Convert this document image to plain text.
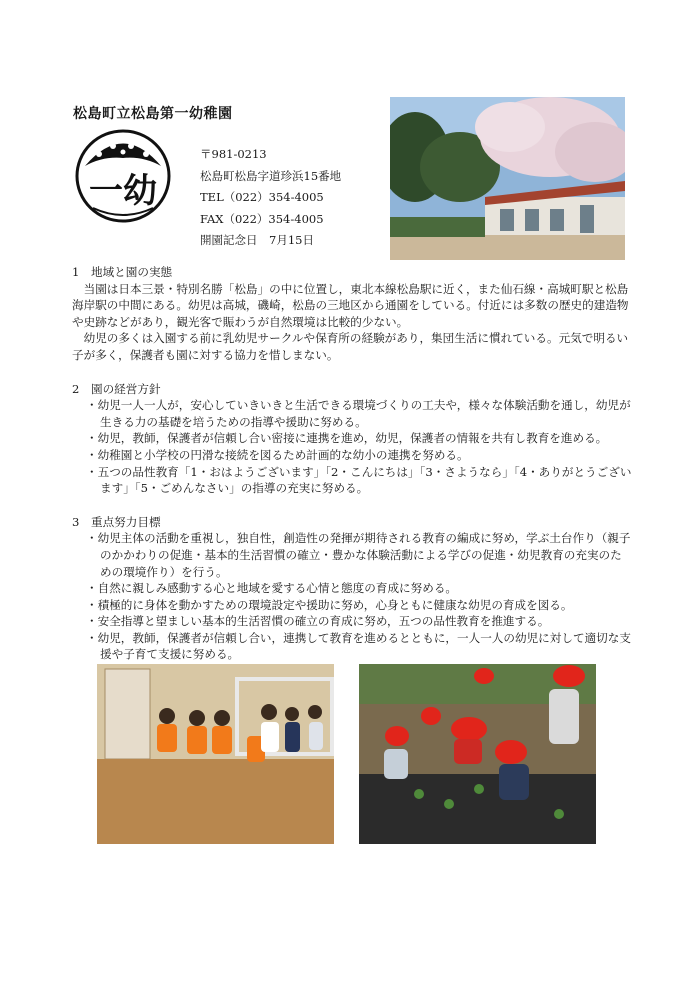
松島町立松島第一幼稚園
一幼
〒981-0213
松島町松島字道珍浜15番地
TEL（022）354-4005
FAX（022）354-4005
開園記念日　7月15日

1　地域と園の実態

当園は日本三景・特別名勝「松島」の中に位置し，東北本線松島駅に近く，また仙石線・高城町駅と松島海岸駅の中間にある。幼児は高城，磯崎，松島の三地区から通園をしている。付近には多数の歴史的建造物や史跡などがあり，観光客で賑わうが自然環境は比較的少ない。

幼児の多くは入園する前に乳幼児サークルや保育所の経験があり，集団生活に慣れている。元気で明るい子が多く，保護者も園に対する協力を惜しまない。

2　園の経営方針

・幼児一人一人が，安心していきいきと生活できる環境づくりの工夫や，様々な体験活動を通し，幼児が生きる力の基礎を培うための指導や援助に努める。
・幼児，教師，保護者が信頼し合い密接に連携を進め，幼児，保護者の情報を共有し教育を進める。
・幼稚園と小学校の円滑な接続を図るため計画的な幼小の連携を努める。
・五つの品性教育「1・おはようございます」「2・こんにちは」「3・さようなら」「4・ありがとうございます」「5・ごめんなさい」の指導の充実に努める。

3　重点努力目標

・幼児主体の活動を重視し，独自性，創造性の発揮が期待される教育の編成に努め，学ぶ土台作り（親子のかかわりの促進・基本的生活習慣の確立・豊かな体験活動による学びの促進・幼児教育の充実のための環境作り）を行う。
・自然に親しみ感動する心と地域を愛する心情と態度の育成に努める。
・積極的に身体を動かすための環境設定や援助に努め，心身ともに健康な幼児の育成を図る。
・安全指導と望ましい基本的生活習慣の確立の育成に努め，五つの品性教育を推進する。
・幼児，教師，保護者が信頼し合い，連携して教育を進めるとともに，一人一人の幼児に対して適切な支援や子育て支援に努める。
